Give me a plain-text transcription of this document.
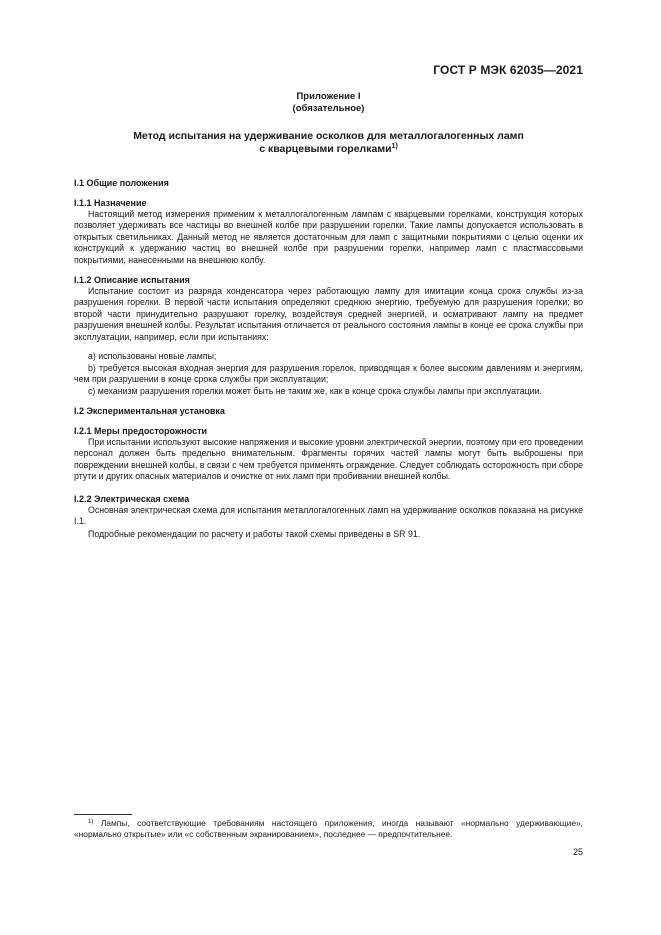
ГОСТ Р МЭК 62035—2021
Приложение I
(обязательное)
Метод испытания на удерживание осколков для металлогалогенных ламп
с кварцевыми горелками$^{1)}$
I.1 Общие положения
I.1.1 Назначение

Настоящий метод измерения применим к металлогалогенным лампам с кварцевыми горелками, конструкция которых позволяет удерживать все частицы во внешней колбе при разрушении горелки. Такие лампы допускается использовать в открытых светильниках. Данный метод не является достаточным для ламп с защитными покрытиями с целью оценки их конструкций к удержанию частиц во внешней колбе при разрушении горелки, например ламп с пластмассовыми покрытиями, нанесенными на внешнюю колбу.

I.1.2 Описание испытания

Испытание состоит из разряда конденсатора через работающую лампу для имитации конца срока службы из-за разрушения горелки. В первой части испытания определяют среднюю энергию, требуемую для разрушения горелки; во второй части принудительно разрушают горелку, воздействуя средней энергией, и осматривают лампу на предмет разрушения внешней колбы. Результат испытания отличается от реального состояния лампы в конце ее срока службы при эксплуатации, например, если при испытаниях:

а) использованы новые лампы;

b) требуется высокая входная энергия для разрушения горелок, приводящая к более высоким давлениям и энергиям, чем при разрушении в конце срока службы при эксплуатации;

c) механизм разрушения горелки может быть не таким же, как в конце срока службы лампы при эксплуатации.

I.2 Экспериментальная установка
I.2.1 Меры предосторожности

При испытании используют высокие напряжения и высокие уровни электрической энергии, поэтому при его проведении персонал должен быть предельно внимательным. Фрагменты горячих частей лампы могут быть выброшены при повреждении внешней колбы, в связи с чем требуется применять ограждение. Следует соблюдать осторожность при сборе ртути и других опасных материалов и очистке от них ламп при пробивании внешней колбы.

I.2.2 Электрическая схема

Основная электрическая схема для испытания металлогалогенных ламп на удерживание осколков показана на рисунке I.1.

Подробные рекомендации по расчету и работы такой схемы приведены в SR 91.

$^{1)}$ Лампы, соответствующие требованиям настоящего приложения, иногда называют «нормально удерживающие», «нормально открытые» или «с собственным экранированием», последнее — предпочтительнее.

25
